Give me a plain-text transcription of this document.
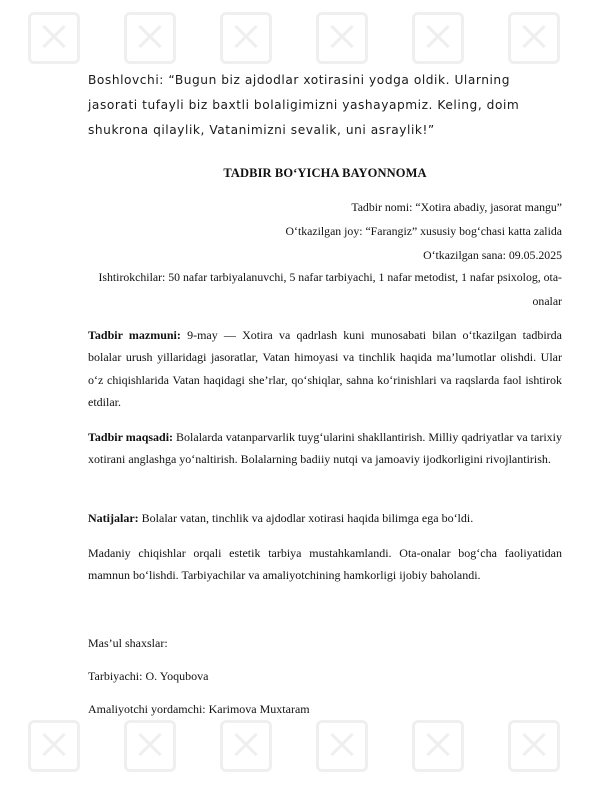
Boshlovchi: “Bugun biz ajdodlar xotirasini yodga oldik. Ularning jasorati tufayli biz baxtli bolaligimizni yashayapmiz. Keling, doim shukrona qilaylik, Vatanimizni sevalik, uni asraylik!”
TADBIR BO‘YICHA BAYONNOMA
Tadbir nomi: “Xotira abadiy, jasorat mangu”
O‘tkazilgan joy: “Farangiz” xususiy bog‘chasi katta zalida
O‘tkazilgan sana: 09.05.2025
Ishtirokchilar: 50 nafar tarbiyalanuvchi, 5 nafar tarbiyachi, 1 nafar metodist, 1 nafar psixolog, ota-onalar
Tadbir mazmuni: 9-may — Xotira va qadrlash kuni munosabati bilan o‘tkazilgan tadbirda bolalar urush yillaridagi jasoratlar, Vatan himoyasi va tinchlik haqida ma’lumotlar olishdi. Ular o‘z chiqishlarida Vatan haqidagi she’rlar, qo‘shiqlar, sahna ko‘rinishlari va raqslarda faol ishtirok etdilar.
Tadbir maqsadi: Bolalarda vatanparvarlik tuyg‘ularini shakllantirish. Milliy qadriyatlar va tarixiy xotirani anglashga yo‘naltirish. Bolalarning badiiy nutqi va jamoaviy ijodkorligini rivojlantirish.
Natijalar: Bolalar vatan, tinchlik va ajdodlar xotirasi haqida bilimga ega bo‘ldi.
Madaniy chiqishlar orqali estetik tarbiya mustahkamlandi. Ota-onalar bog‘cha faoliyatidan mamnun bo‘lishdi. Tarbiyachilar va amaliyotchining hamkorligi ijobiy baholandi.
Mas’ul shaxslar:
Tarbiyachi: O. Yoqubova
Amaliyotchi yordamchi: Karimova Muxtaram
